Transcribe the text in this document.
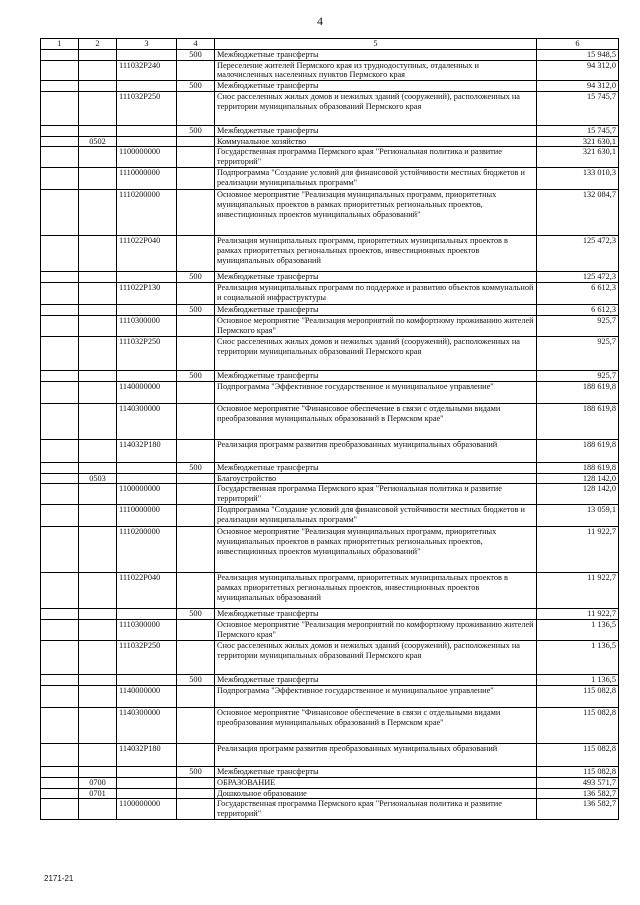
4
1	2	3	4	5	6
			500	Межбюджетные трансферты	15 948,5
		111032P240		Переселение жителей Пермского края из труднодоступных, отдаленных и малочисленных населенных пунктов Пермского края	94 312,0
			500	Межбюджетные трансферты	94 312,0
		111032P250		Снос расселенных жилых домов и нежилых зданий (сооружений), расположенных на территории муниципальных образований Пермского края	15 745,7
			500	Межбюджетные трансферты	15 745,7
	0502			Коммунальное хозяйство	321 630,1
		1100000000		Государственная программа Пермского края "Региональная политика и развитие территорий"	321 630,1
		1110000000		Подпрограмма "Создание условий для финансовой устойчивости местных бюджетов и реализации муниципальных программ"	133 010,3
		1110200000		Основное мероприятие "Реализация муниципальных программ, приоритетных муниципальных проектов в рамках приоритетных региональных проектов, инвестиционных проектов муниципальных образований"	132 084,7
		111022P040		Реализация муниципальных программ, приоритетных муниципальных проектов в рамках приоритетных региональных проектов, инвестиционных проектов муниципальных образований	125 472,3
			500	Межбюджетные трансферты	125 472,3
		111022P130		Реализация муниципальных программ по поддержке и развитию объектов коммунальной и социальной инфраструктуры	6 612,3
			500	Межбюджетные трансферты	6 612,3
		1110300000		Основное мероприятие "Реализация мероприятий по комфортному проживанию жителей Пермского края"	925,7
		111032P250		Снос расселенных жилых домов и нежилых зданий (сооружений), расположенных на территории муниципальных образований Пермского края	925,7
			500	Межбюджетные трансферты	925,7
		1140000000		Подпрограмма "Эффективное государственное и муниципальное управление"	188 619,8
		1140300000		Основное мероприятие "Финансовое обеспечение в связи с отдельными видами преобразования муниципальных образований в Пермском крае"	188 619,8
		114032P180		Реализация программ развития преобразованных муниципальных образований	188 619,8
			500	Межбюджетные трансферты	188 619,8
	0503			Благоустройство	128 142,0
		1100000000		Государственная программа Пермского края "Региональная политика и развитие территорий"	128 142,0
		1110000000		Подпрограмма "Создание условий для финансовой устойчивости местных бюджетов и реализации муниципальных программ"	13 059,1
		1110200000		Основное мероприятие "Реализация муниципальных программ, приоритетных муниципальных проектов в рамках приоритетных региональных проектов, инвестиционных проектов муниципальных образований"	11 922,7
		111022P040		Реализация муниципальных программ, приоритетных муниципальных проектов в рамках приоритетных региональных проектов, инвестиционных проектов муниципальных образований	11 922,7
			500	Межбюджетные трансферты	11 922,7
		1110300000		Основное мероприятие "Реализация мероприятий по комфортному проживанию жителей Пермского края"	1 136,5
		111032P250		Снос расселенных жилых домов и нежилых зданий (сооружений), расположенных на территории муниципальных образований Пермского края	1 136,5
			500	Межбюджетные трансферты	1 136,5
		1140000000		Подпрограмма "Эффективное государственное и муниципальное управление"	115 082,8
		1140300000		Основное мероприятие "Финансовое обеспечение в связи с отдельными видами преобразования муниципальных образований в Пермском крае"	115 082,8
		114032P180		Реализация программ развития преобразованных муниципальных образований	115 082,8
			500	Межбюджетные трансферты	115 082,8
	0700			ОБРАЗОВАНИЕ	493 571,7
	0701			Дошкольное образование	136 582,7
		1100000000		Государственная программа Пермского края "Региональная политика и развитие территорий"	136 582,7
2171-21
